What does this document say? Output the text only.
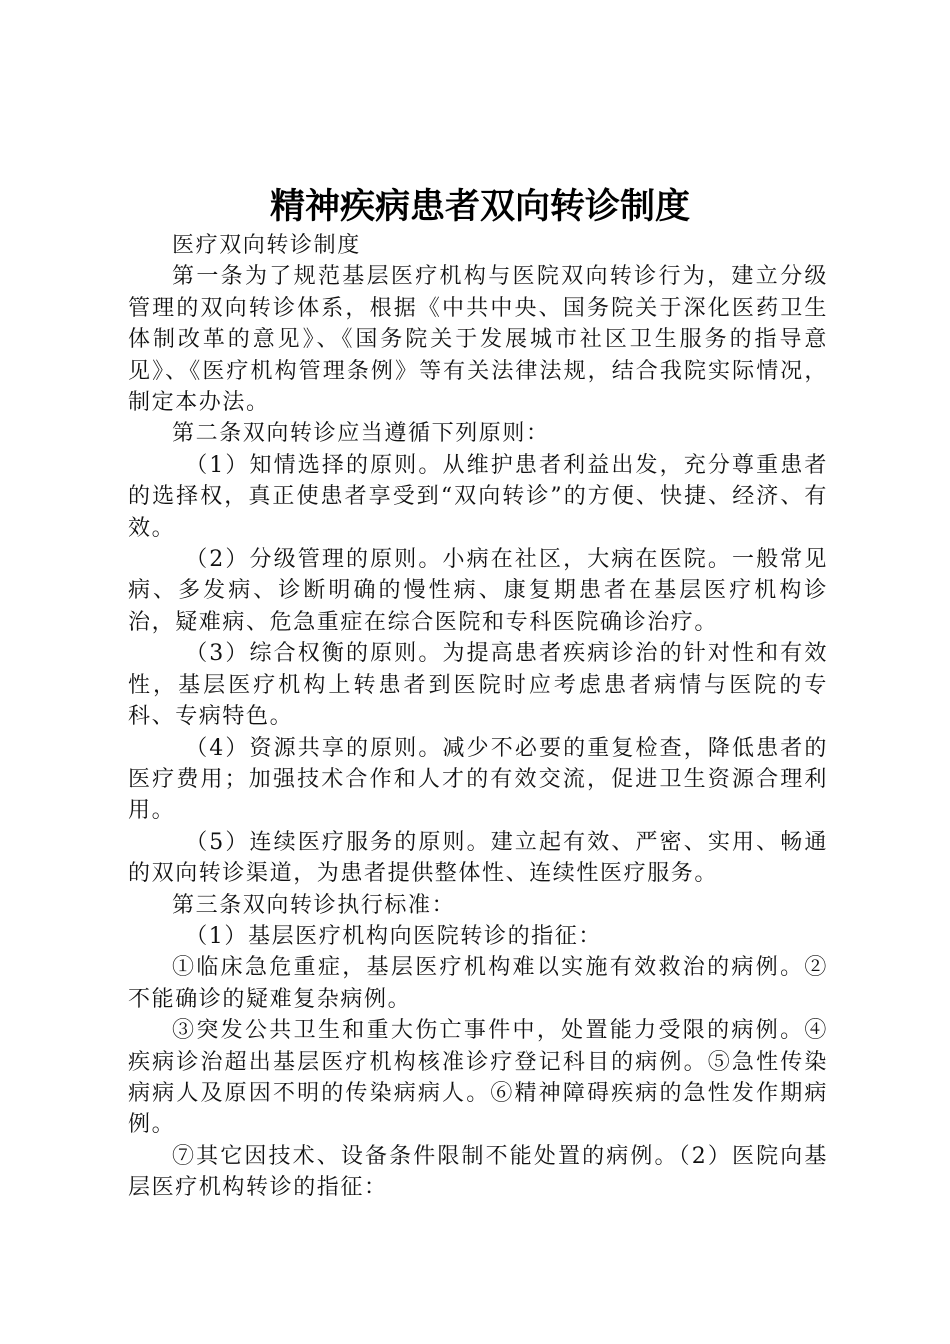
精神疾病患者双向转诊制度

医疗双向转诊制度

第一条为了规范基层医疗机构与医院双向转诊行为，建立分级管理的双向转诊体系，根据《中共中央、国务院关于深化医药卫生体制改革的意见》、《国务院关于发展城市社区卫生服务的指导意见》、《医疗机构管理条例》等有关法律法规，结合我院实际情况，制定本办法。

第二条双向转诊应当遵循下列原则：

（1）知情选择的原则。从维护患者利益出发，充分尊重患者的选择权，真正使患者享受到“双向转诊”的方便、快捷、经济、有效。

（2）分级管理的原则。小病在社区，大病在医院。一般常见病、多发病、诊断明确的慢性病、康复期患者在基层医疗机构诊治，疑难病、危急重症在综合医院和专科医院确诊治疗。

（3）综合权衡的原则。为提高患者疾病诊治的针对性和有效性，基层医疗机构上转患者到医院时应考虑患者病情与医院的专科、专病特色。

（4）资源共享的原则。减少不必要的重复检查，降低患者的医疗费用；加强技术合作和人才的有效交流，促进卫生资源合理利用。

（5）连续医疗服务的原则。建立起有效、严密、实用、畅通的双向转诊渠道，为患者提供整体性、连续性医疗服务。

第三条双向转诊执行标准：

（1）基层医疗机构向医院转诊的指征：

①临床急危重症，基层医疗机构难以实施有效救治的病例。②不能确诊的疑难复杂病例。

③突发公共卫生和重大伤亡事件中，处置能力受限的病例。④疾病诊治超出基层医疗机构核准诊疗登记科目的病例。⑤急性传染病病人及原因不明的传染病病人。⑥精神障碍疾病的急性发作期病例。

⑦其它因技术、设备条件限制不能处置的病例。（2）医院向基层医疗机构转诊的指征：
